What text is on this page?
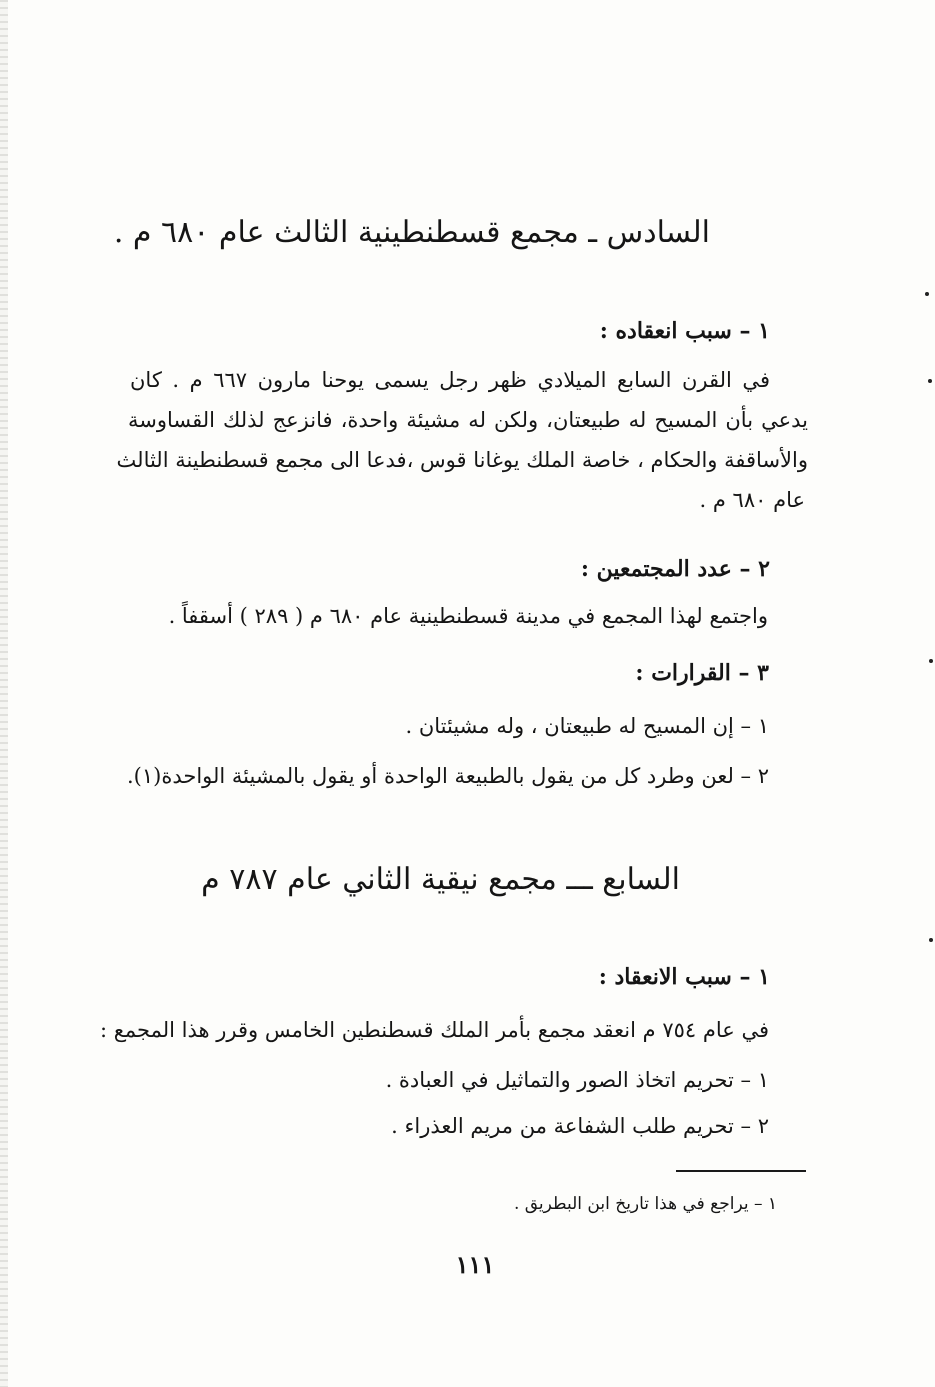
السادس ـ مجمع قسطنطينية الثالث عام ٦٨٠ م .
١ – سبب انعقاده :
في القرن السابع الميلادي ظهر رجل يسمى يوحنا مارون ٦٦٧ م . كان
يدعي بأن المسيح له طبيعتان، ولكن له مشيئة واحدة، فانزعج لذلك القساوسة
والأساقفة والحكام ، خاصة الملك يوغانا قوس ،فدعا الى مجمع قسطنطينة الثالث
عام ٦٨٠ م .
٢ – عدد المجتمعين :
واجتمع لهذا المجمع في مدينة قسطنطينية عام ٦٨٠ م ( ٢٨٩ ) أسقفاً .
٣ – القرارات :
١ – إن المسيح له طبيعتان ، وله مشيئتان .
٢ – لعن وطرد كل من يقول بالطبيعة الواحدة أو يقول بالمشيئة الواحدة(١).
السابع ـــ مجمع نيقية الثاني عام ٧٨٧ م
١ – سبب الانعقاد :
في عام ٧٥٤ م انعقد مجمع بأمر الملك قسطنطين الخامس وقرر هذا المجمع :
١ – تحريم اتخاذ الصور والتماثيل في العبادة .
٢ – تحريم طلب الشفاعة من مريم العذراء .
١ – يراجع في هذا تاريخ ابن البطريق .
١١١
